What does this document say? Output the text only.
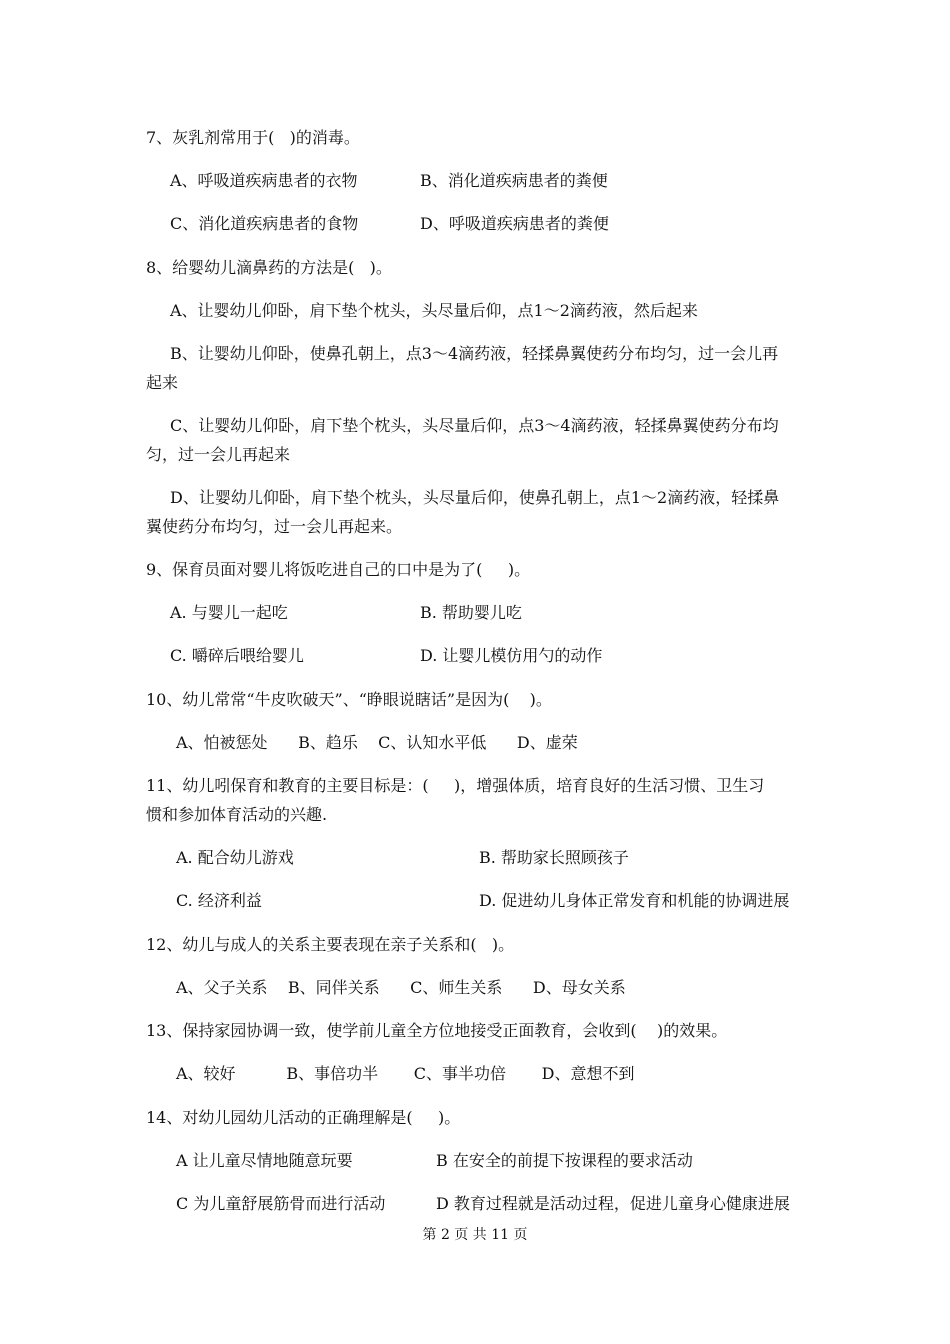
7、灰乳剂常用于(   )的消毒。
A、呼吸道疾病患者的衣物	B、消化道疾病患者的粪便
C、消化道疾病患者的食物	D、呼吸道疾病患者的粪便
8、给婴幼儿滴鼻药的方法是(   )。
A、让婴幼儿仰卧，肩下垫个枕头，头尽量后仰，点1～2滴药液，然后起来
B、让婴幼儿仰卧，使鼻孔朝上，点3～4滴药液，轻揉鼻翼使药分布均匀，过一会儿再
起来
C、让婴幼儿仰卧，肩下垫个枕头，头尽量后仰，点3～4滴药液，轻揉鼻翼使药分布均
匀，过一会儿再起来
D、让婴幼儿仰卧，肩下垫个枕头，头尽量后仰，使鼻孔朝上，点1～2滴药液，轻揉鼻
翼使药分布均匀，过一会儿再起来。
9、保育员面对婴儿将饭吃进自己的口中是为了(     )。
A. 与婴儿一起吃	B. 帮助婴儿吃
C. 嚼碎后喂给婴儿	D. 让婴儿模仿用勺的动作
10、幼儿常常“牛皮吹破天”、“睁眼说瞎话”是因为(    )。
A、怕被惩处      B、趋乐    C、认知水平低      D、虚荣
11、幼儿吲保育和教育的主要目标是：(     )，增强体质，培育良好的生活习惯、卫生习
惯和参加体育活动的兴趣.
A. 配合幼儿游戏	B. 帮助家长照顾孩子
C. 经济利益	D. 促进幼儿身体正常发育和机能的协调进展
12、幼儿与成人的关系主要表现在亲子关系和(   )。
A、父子关系    B、同伴关系      C、师生关系      D、母女关系
13、保持家园协调一致，使学前儿童全方位地接受正面教育，会收到(    )的效果。
A、较好          B、事倍功半       C、事半功倍       D、意想不到
14、对幼儿园幼儿活动的正确理解是(     )。
A 让儿童尽情地随意玩要	B 在安全的前提下按课程的要求活动
C 为儿童舒展筋骨而进行活动	D 教育过程就是活动过程，促进儿童身心健康进展
第 2 页 共 11 页
